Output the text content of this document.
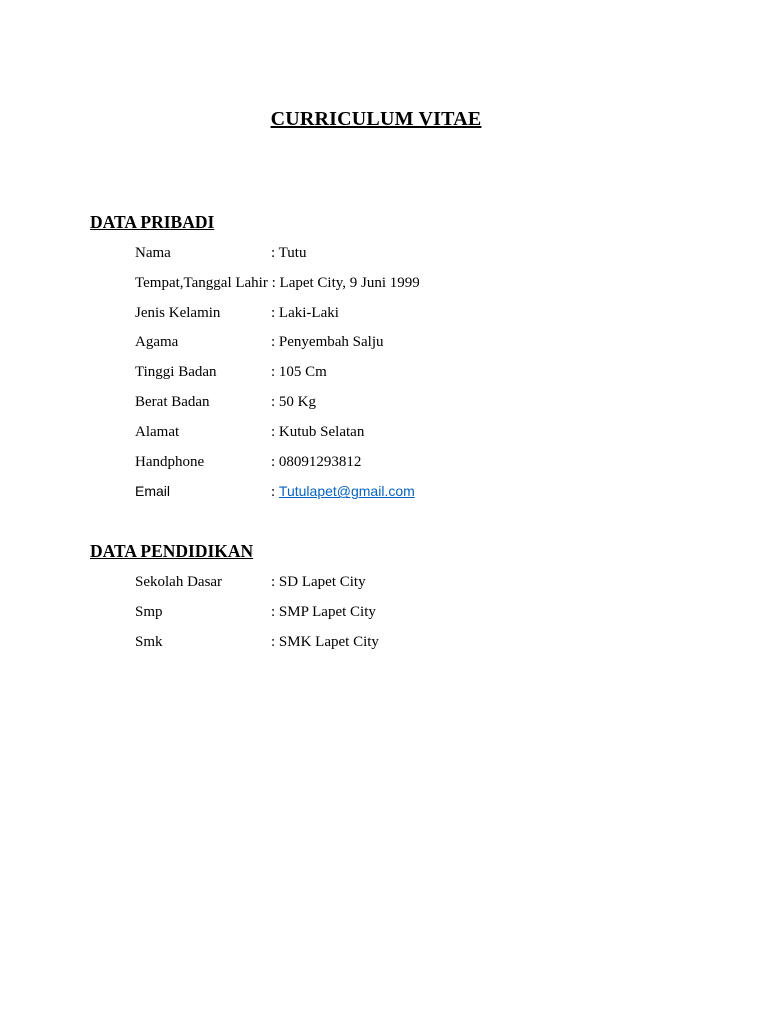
CURRICULUM VITAE
DATA PRIBADI
Nama	: Tutu
Tempat,Tanggal Lahir : Lapet City, 9 Juni 1999
Jenis Kelamin	: Laki-Laki
Agama	: Penyembah Salju
Tinggi Badan	: 105 Cm
Berat Badan	: 50 Kg
Alamat	: Kutub Selatan
Handphone	: 08091293812
Email	: Tutulapet@gmail.com
DATA PENDIDIKAN
Sekolah Dasar	: SD Lapet City
Smp	: SMP Lapet City
Smk	: SMK Lapet City
